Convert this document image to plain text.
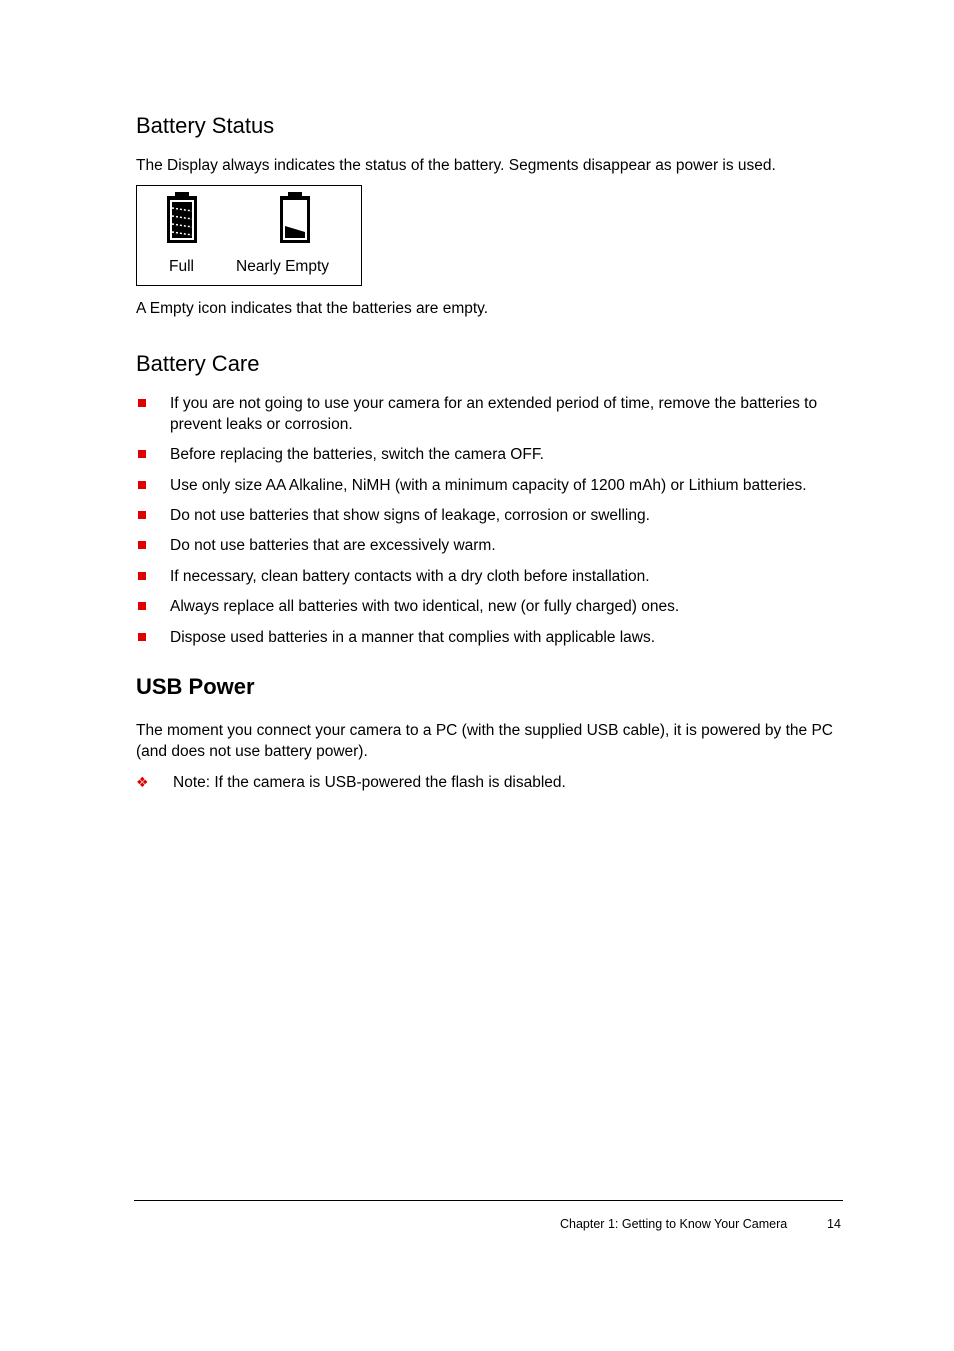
Battery Status

The Display always indicates the status of the battery. Segments disappear as power is used.

Full	Nearly Empty

A Empty icon indicates that the batteries are empty.

Battery Care
If you are not going to use your camera for an extended period of time, remove the batteries to prevent leaks or corrosion.
Before replacing the batteries, switch the camera OFF.
Use only size AA Alkaline, NiMH (with a minimum capacity of 1200 mAh) or Lithium batteries.
Do not use batteries that show signs of leakage, corrosion or swelling.
Do not use batteries that are excessively warm.
If necessary, clean battery contacts with a dry cloth before installation.
Always replace all batteries with two identical, new (or fully charged) ones.
Dispose used batteries in a manner that complies with applicable laws.
USB Power

The moment you connect your camera to a PC (with the supplied USB cable), it is powered by the PC (and does not use battery power).

❖ Note: If the camera is USB-powered the flash is disabled.
Chapter 1: Getting to Know Your Camera	14
